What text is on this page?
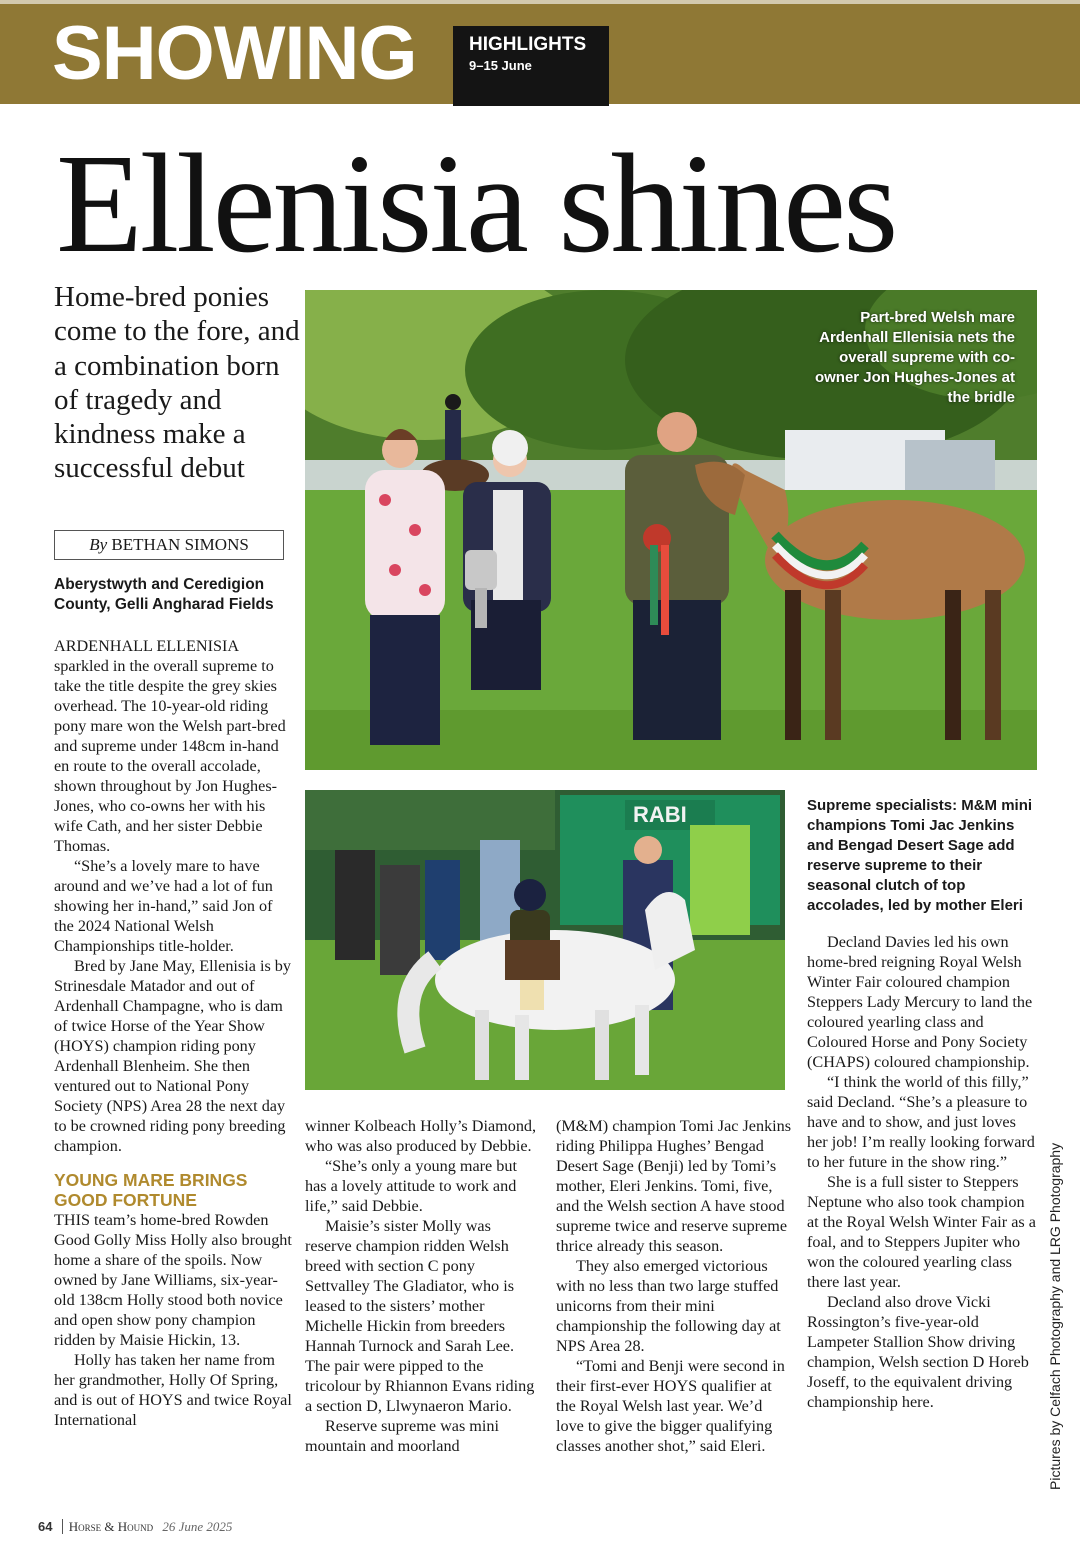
SHOWING	HIGHLIGHTS
9–15 June
Ellenisia shines
Home-bred ponies come to the fore, and a combination born of tragedy and kindness make a successful debut
By BETHAN SIMONS
Aberystwyth and Ceredigion County, Gelli Angharad Fields
Part-bred Welsh mare Ardenhall Ellenisia nets the overall supreme with co-owner Jon Hughes-Jones at the bridle
RABI

ARDENHALL ELLENISIA sparkled in the overall supreme to take the title despite the grey skies overhead. The 10-year-old riding pony mare won the Welsh part-bred and supreme under 148cm in-hand en route to the overall accolade, shown throughout by Jon Hughes-Jones, who co-owns her with his wife Cath, and her sister Debbie Thomas.

“She’s a lovely mare to have around and we’ve had a lot of fun showing her in-hand,” said Jon of the 2024 National Welsh Championships title-holder.

Bred by Jane May, Ellenisia is by Strinesdale Matador and out of Ardenhall Champagne, who is dam of twice Horse of the Year Show (HOYS) champion riding pony Ardenhall Blenheim. She then ventured out to National Pony Society (NPS) Area 28 the next day to be crowned riding pony breeding champion.

YOUNG MARE BRINGS GOOD FORTUNE

THIS team’s home-bred Rowden Good Golly Miss Holly also brought home a share of the spoils. Now owned by Jane Williams, six-year-old 138cm Holly stood both novice and open show pony champion ridden by Maisie Hickin, 13.

Holly has taken her name from her grandmother, Holly Of Spring, and is out of HOYS and twice Royal International

winner Kolbeach Holly’s Diamond, who was also produced by Debbie.

“She’s only a young mare but has a lovely attitude to work and life,” said Debbie.

Maisie’s sister Molly was reserve champion ridden Welsh breed with section C pony Settvalley The Gladiator, who is leased to the sisters’ mother Michelle Hickin from breeders Hannah Turnock and Sarah Lee. The pair were pipped to the tricolour by Rhiannon Evans riding a section D, Llwynaeron Mario.

Reserve supreme was mini mountain and moorland

(M&M) champion Tomi Jac Jenkins riding Philippa Hughes’ Bengad Desert Sage (Benji) led by Tomi’s mother, Eleri Jenkins. Tomi, five, and the Welsh section A have stood supreme twice and reserve supreme thrice already this season.

They also emerged victorious with no less than two large stuffed unicorns from their mini championship the following day at NPS Area 28.

“Tomi and Benji were second in their first-ever HOYS qualifier at the Royal Welsh last year. We’d love to give the bigger qualifying classes another shot,” said Eleri.

Supreme specialists: M&M mini champions Tomi Jac Jenkins and Bengad Desert Sage add reserve supreme to their seasonal clutch of top accolades, led by mother Eleri

Decland Davies led his own home-bred reigning Royal Welsh Winter Fair coloured champion Steppers Lady Mercury to land the coloured yearling class and Coloured Horse and Pony Society (CHAPS) coloured championship.

“I think the world of this filly,” said Decland. “She’s a pleasure to have and to show, and just loves her job! I’m really looking forward to her future in the show ring.”

She is a full sister to Steppers Neptune who also took champion at the Royal Welsh Winter Fair as a foal, and to Steppers Jupiter who won the coloured yearling class there last year.

Decland also drove Vicki Rossington’s five-year-old Lampeter Stallion Show driving champion, Welsh section D Horeb Joseff, to the equivalent driving championship here.	Pictures by Celfach Photography and LRG Photography
64 Horse & Hound 26 June 2025
